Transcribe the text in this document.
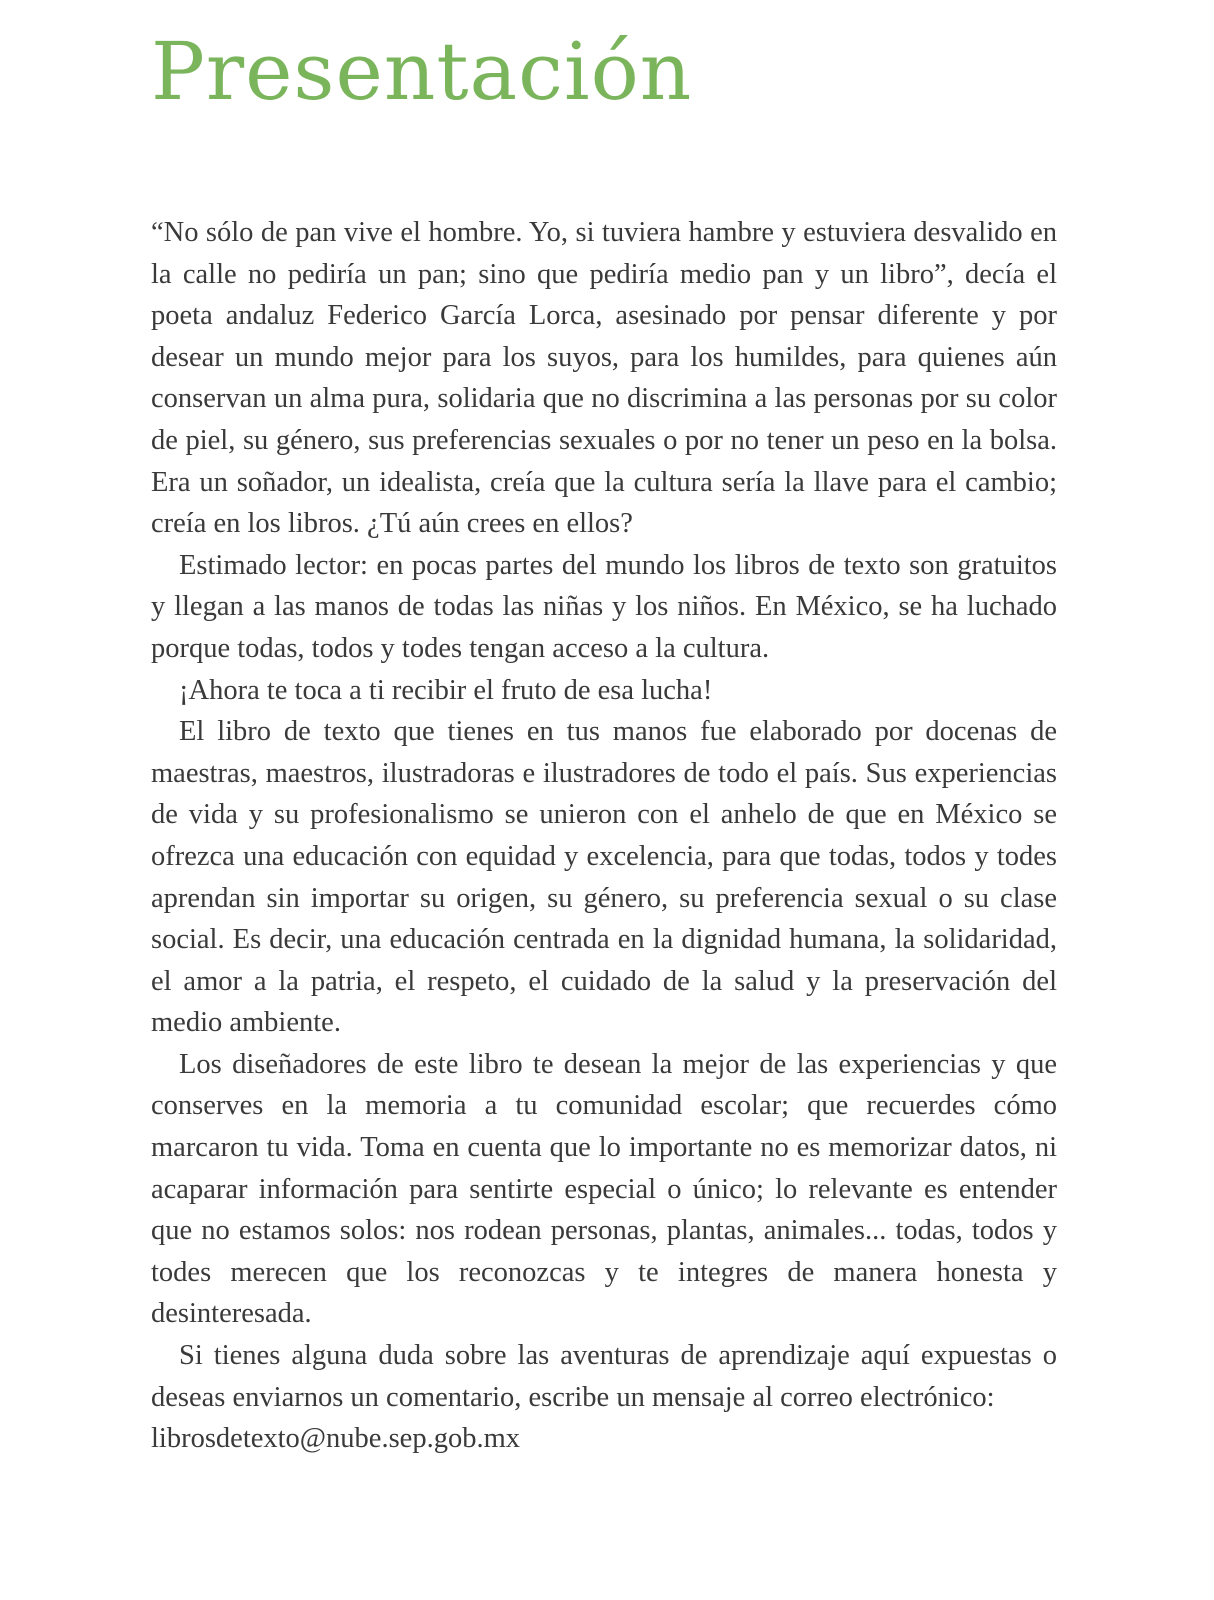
Presentación

“No sólo de pan vive el hombre. Yo, si tuviera hambre y estuviera desvalido en la calle no pediría un pan; sino que pediría medio pan y un libro”, decía el poeta andaluz Federico García Lorca, asesinado por pensar diferente y por desear un mundo mejor para los suyos, para los humildes, para quienes aún conservan un alma pura, solidaria que no discrimina a las personas por su color de piel, su género, sus preferencias sexuales o por no tener un peso en la bolsa. Era un soñador, un idealista, creía que la cultura sería la llave para el cambio; creía en los libros. ¿Tú aún crees en ellos?

Estimado lector: en pocas partes del mundo los libros de texto son gratuitos y llegan a las manos de todas las niñas y los niños. En México, se ha luchado porque todas, todos y todes tengan acceso a la cultura.

¡Ahora te toca a ti recibir el fruto de esa lucha!

El libro de texto que tienes en tus manos fue elaborado por docenas de maestras, maestros, ilustradoras e ilustradores de todo el país. Sus experiencias de vida y su profesionalismo se unieron con el anhelo de que en México se ofrezca una educación con equidad y excelencia, para que todas, todos y todes aprendan sin importar su origen, su género, su preferencia sexual o su clase social. Es decir, una educación centrada en la dignidad humana, la solidaridad, el amor a la patria, el respeto, el cuidado de la salud y la preservación del medio ambiente.

Los diseñadores de este libro te desean la mejor de las experiencias y que conserves en la memoria a tu comunidad escolar; que recuerdes cómo marcaron tu vida. Toma en cuenta que lo importante no es memorizar datos, ni acaparar información para sentirte especial o único; lo relevante es entender que no estamos solos: nos rodean personas, plantas, animales... todas, todos y todes merecen que los reconozcas y te integres de manera honesta y desinteresada.

Si tienes alguna duda sobre las aventuras de aprendizaje aquí expuestas o deseas enviarnos un comentario, escribe un mensaje al correo electrónico:
librosdetexto@nube.sep.gob.mx
